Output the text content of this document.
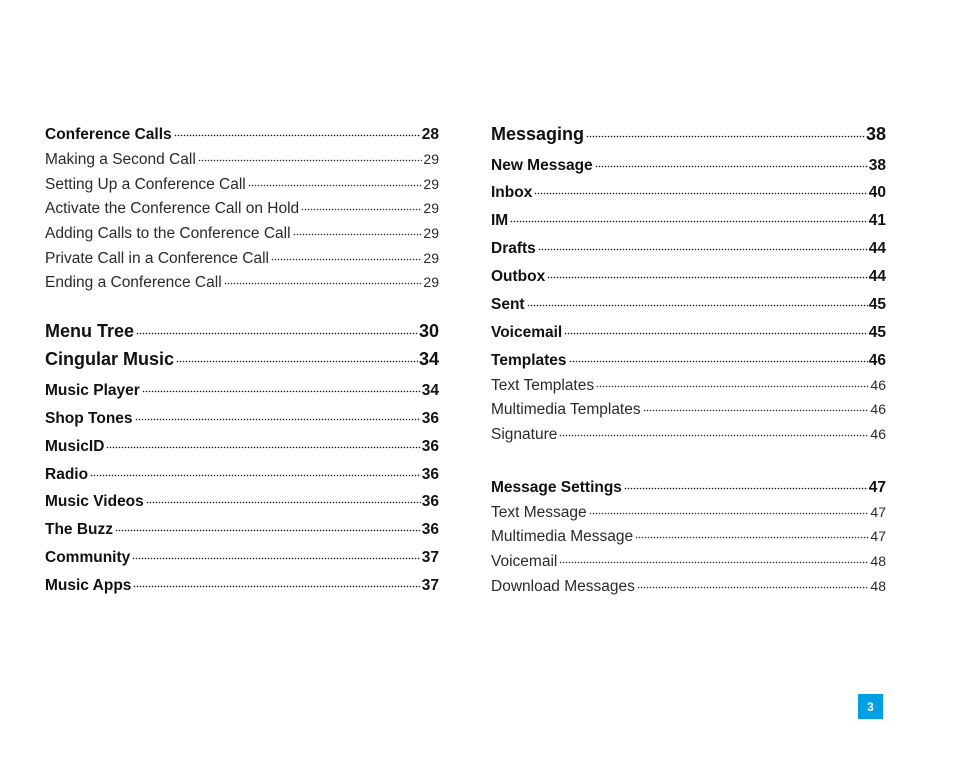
Conference Calls	28
Making a Second Call	29
Setting Up a Conference Call	29
Activate the Conference Call on Hold	29
Adding Calls to the Conference Call	29
Private Call in a Conference Call	29
Ending a Conference Call	29
Menu Tree	30
Cingular Music	34
Music Player	34
Shop Tones	36
MusicID	36
Radio	36
Music Videos	36
The Buzz	36
Community	37
Music Apps	37
Messaging	38
New Message	38
Inbox	40
IM	41
Drafts	44
Outbox	44
Sent	45
Voicemail	45
Templates	46
Text Templates	46
Multimedia Templates	46
Signature	46
Message Settings	47
Text Message	47
Multimedia Message	47
Voicemail	48
Download Messages	48
3
